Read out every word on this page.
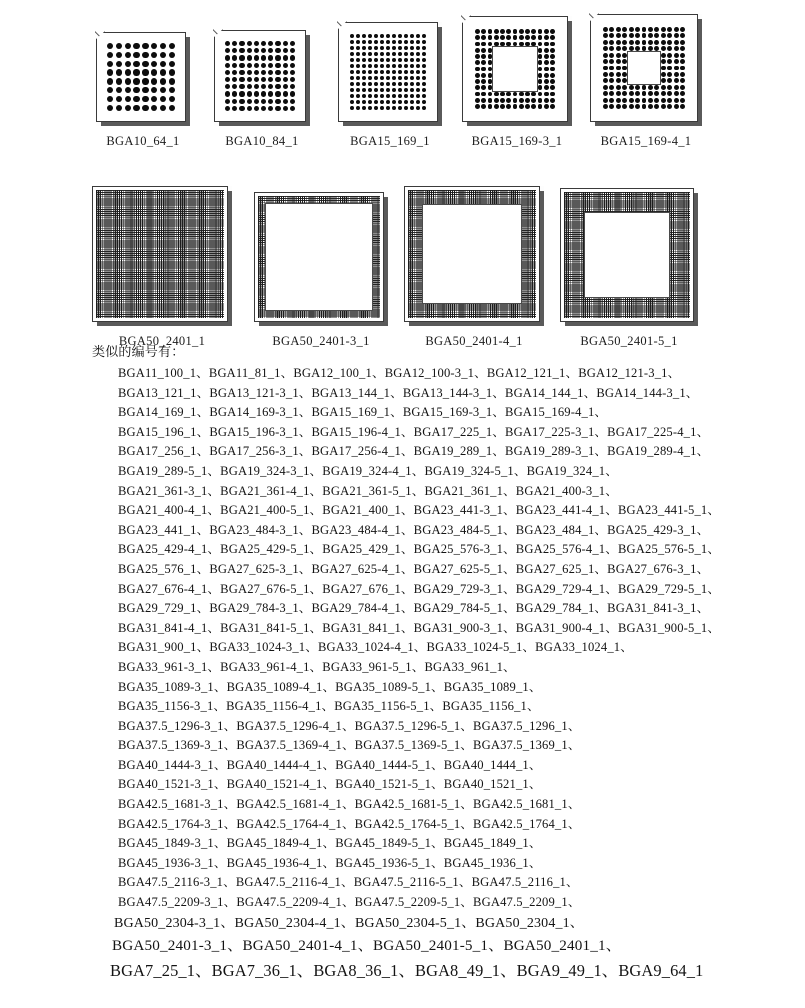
BGA10_64_1	BGA10_84_1	BGA15_169_1	BGA15_169-3_1	BGA15_169-4_1
BGA50_2401_1	BGA50_2401-3_1	BGA50_2401-4_1	BGA50_2401-5_1

类似的编号有：

BGA11_100_1、BGA11_81_1、BGA12_100_1、BGA12_100-3_1、BGA12_121_1、BGA12_121-3_1、
BGA13_121_1、BGA13_121-3_1、BGA13_144_1、BGA13_144-3_1、BGA14_144_1、BGA14_144-3_1、
BGA14_169_1、BGA14_169-3_1、BGA15_169_1、BGA15_169-3_1、BGA15_169-4_1、
BGA15_196_1、BGA15_196-3_1、BGA15_196-4_1、BGA17_225_1、BGA17_225-3_1、BGA17_225-4_1、
BGA17_256_1、BGA17_256-3_1、BGA17_256-4_1、BGA19_289_1、BGA19_289-3_1、BGA19_289-4_1、
BGA19_289-5_1、BGA19_324-3_1、BGA19_324-4_1、BGA19_324-5_1、BGA19_324_1、
BGA21_361-3_1、BGA21_361-4_1、BGA21_361-5_1、BGA21_361_1、BGA21_400-3_1、
BGA21_400-4_1、BGA21_400-5_1、BGA21_400_1、BGA23_441-3_1、BGA23_441-4_1、BGA23_441-5_1、
BGA23_441_1、BGA23_484-3_1、BGA23_484-4_1、BGA23_484-5_1、BGA23_484_1、BGA25_429-3_1、
BGA25_429-4_1、BGA25_429-5_1、BGA25_429_1、BGA25_576-3_1、BGA25_576-4_1、BGA25_576-5_1、
BGA25_576_1、BGA27_625-3_1、BGA27_625-4_1、BGA27_625-5_1、BGA27_625_1、BGA27_676-3_1、
BGA27_676-4_1、BGA27_676-5_1、BGA27_676_1、BGA29_729-3_1、BGA29_729-4_1、BGA29_729-5_1、
BGA29_729_1、BGA29_784-3_1、BGA29_784-4_1、BGA29_784-5_1、BGA29_784_1、BGA31_841-3_1、
BGA31_841-4_1、BGA31_841-5_1、BGA31_841_1、BGA31_900-3_1、BGA31_900-4_1、BGA31_900-5_1、
BGA31_900_1、BGA33_1024-3_1、BGA33_1024-4_1、BGA33_1024-5_1、BGA33_1024_1、
BGA33_961-3_1、BGA33_961-4_1、BGA33_961-5_1、BGA33_961_1、
BGA35_1089-3_1、BGA35_1089-4_1、BGA35_1089-5_1、BGA35_1089_1、
BGA35_1156-3_1、BGA35_1156-4_1、BGA35_1156-5_1、BGA35_1156_1、
BGA37.5_1296-3_1、BGA37.5_1296-4_1、BGA37.5_1296-5_1、BGA37.5_1296_1、
BGA37.5_1369-3_1、BGA37.5_1369-4_1、BGA37.5_1369-5_1、BGA37.5_1369_1、
BGA40_1444-3_1、BGA40_1444-4_1、BGA40_1444-5_1、BGA40_1444_1、
BGA40_1521-3_1、BGA40_1521-4_1、BGA40_1521-5_1、BGA40_1521_1、
BGA42.5_1681-3_1、BGA42.5_1681-4_1、BGA42.5_1681-5_1、BGA42.5_1681_1、
BGA42.5_1764-3_1、BGA42.5_1764-4_1、BGA42.5_1764-5_1、BGA42.5_1764_1、
BGA45_1849-3_1、BGA45_1849-4_1、BGA45_1849-5_1、BGA45_1849_1、
BGA45_1936-3_1、BGA45_1936-4_1、BGA45_1936-5_1、BGA45_1936_1、
BGA47.5_2116-3_1、BGA47.5_2116-4_1、BGA47.5_2116-5_1、BGA47.5_2116_1、
BGA47.5_2209-3_1、BGA47.5_2209-4_1、BGA47.5_2209-5_1、BGA47.5_2209_1、
BGA50_2304-3_1、BGA50_2304-4_1、BGA50_2304-5_1、BGA50_2304_1、
BGA50_2401-3_1、BGA50_2401-4_1、BGA50_2401-5_1、BGA50_2401_1、
BGA7_25_1、BGA7_36_1、BGA8_36_1、BGA8_49_1、BGA9_49_1、BGA9_64_1
